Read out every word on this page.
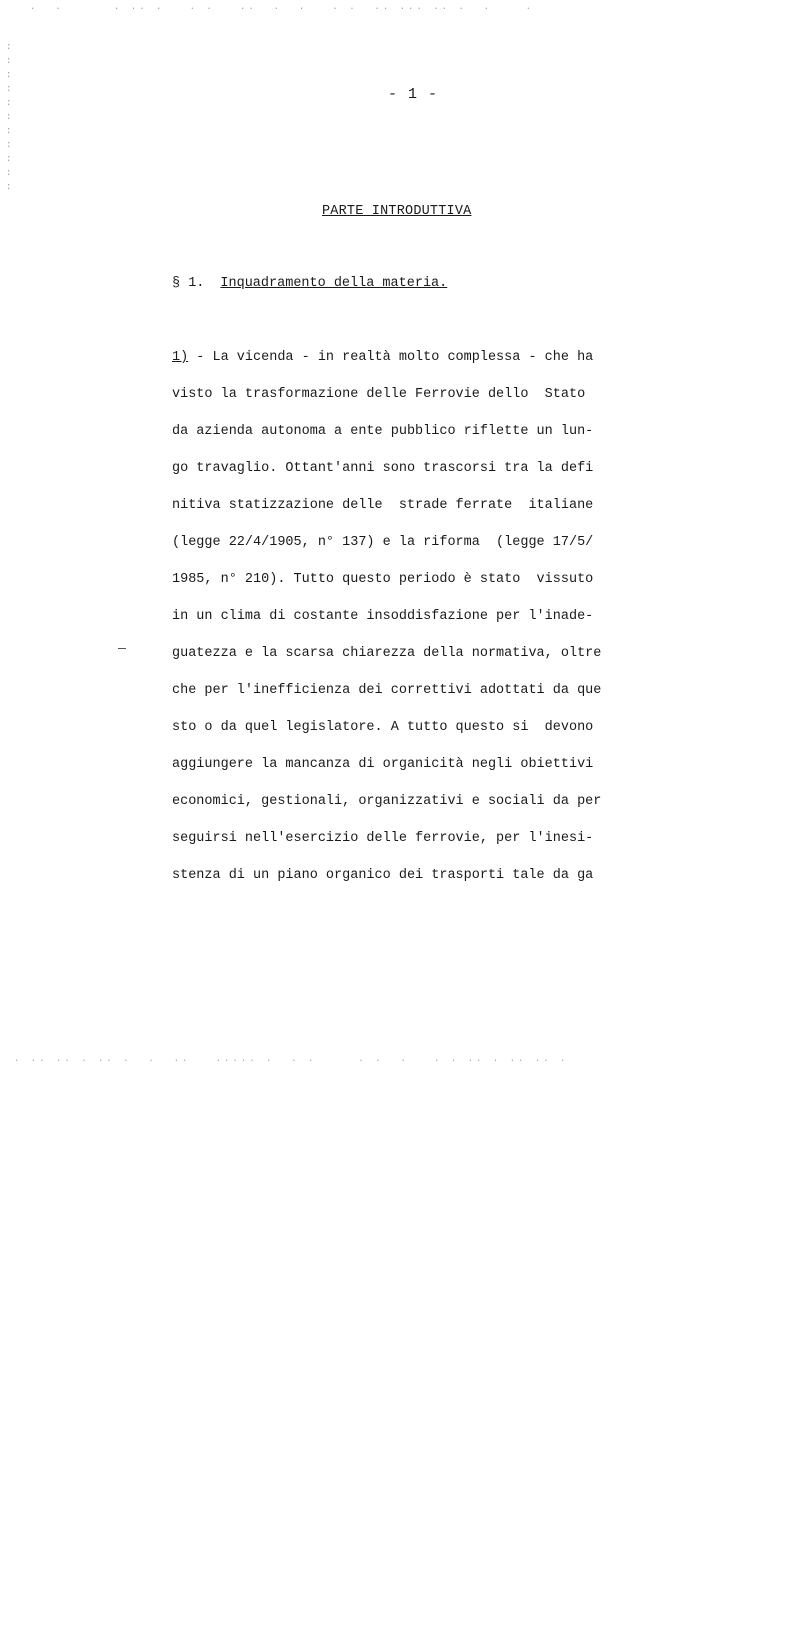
·  ·      · ·· ·   · ·   ··  ·  ·   · ·  ·· ··· ·· ·  ·    ·
· ·· ·· · ·· ·  ·  ··   ····· ·  · ·     · ·  ·   · · ·· · ·· ·· ·
:
:
:
:
:
:
:
:
:
:
:
- 1 -
PARTE INTRODUTTIVA
§ 1. Inquadramento della materia.
1) - La vicenda - in realtà molto complessa - che ha
visto la trasformazione delle Ferrovie dello  Stato
da azienda autonoma a ente pubblico riflette un lun-
go travaglio. Ottant'anni sono trascorsi tra la defi
nitiva statizzazione delle  strade ferrate  italiane
(legge 22/4/1905, n° 137) e la riforma  (legge 17/5/
1985, n° 210). Tutto questo periodo è stato  vissuto
in un clima di costante insoddisfazione per l'inade-
guatezza e la scarsa chiarezza della normativa, oltre
che per l'inefficienza dei correttivi adottati da que
sto o da quel legislatore. A tutto questo si  devono
aggiungere la mancanza di organicità negli obiettivi
economici, gestionali, organizzativi e sociali da per
seguirsi nell'esercizio delle ferrovie, per l'inesi-
stenza di un piano organico dei trasporti tale da ga
